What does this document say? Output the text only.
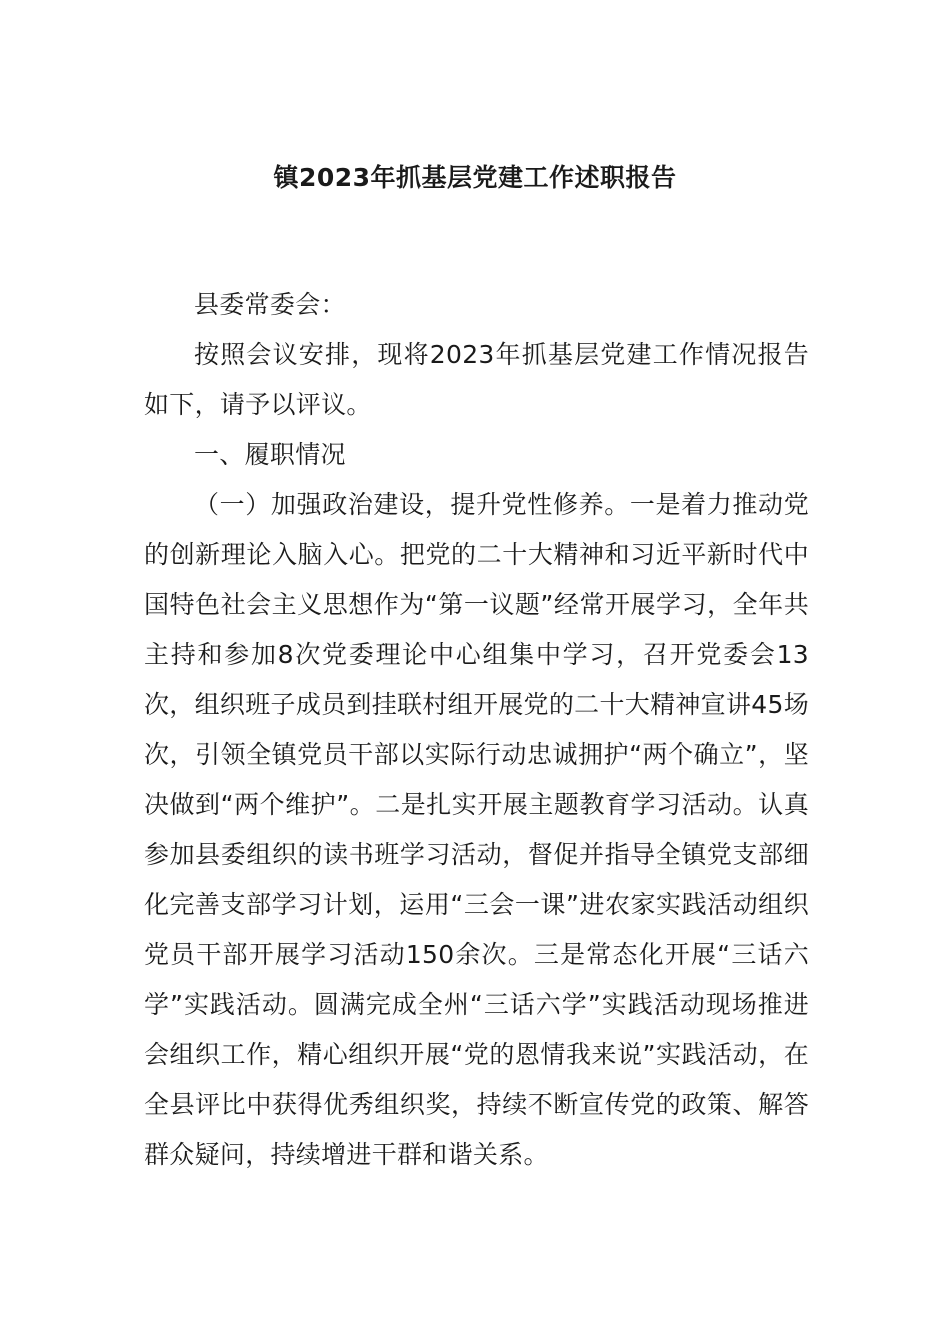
镇2023年抓基层党建工作述职报告

县委常委会：

按照会议安排，现将2023年抓基层党建工作情况报告如下，请予以评议。

一、履职情况

（一）加强政治建设，提升党性修养。一是着力推动党的创新理论入脑入心。把党的二十大精神和习近平新时代中国特色社会主义思想作为“第一议题”经常开展学习，全年共主持和参加8次党委理论中心组集中学习，召开党委会13次，组织班子成员到挂联村组开展党的二十大精神宣讲45场次，引领全镇党员干部以实际行动忠诚拥护“两个确立”，坚决做到“两个维护”。二是扎实开展主题教育学习活动。认真参加县委组织的读书班学习活动，督促并指导全镇党支部细化完善支部学习计划，运用“三会一课”进农家实践活动组织党员干部开展学习活动150余次。三是常态化开展“三话六学”实践活动。圆满完成全州“三话六学”实践活动现场推进会组织工作，精心组织开展“党的恩情我来说”实践活动，在全县评比中获得优秀组织奖，持续不断宣传党的政策、解答群众疑问，持续增进干群和谐关系。
